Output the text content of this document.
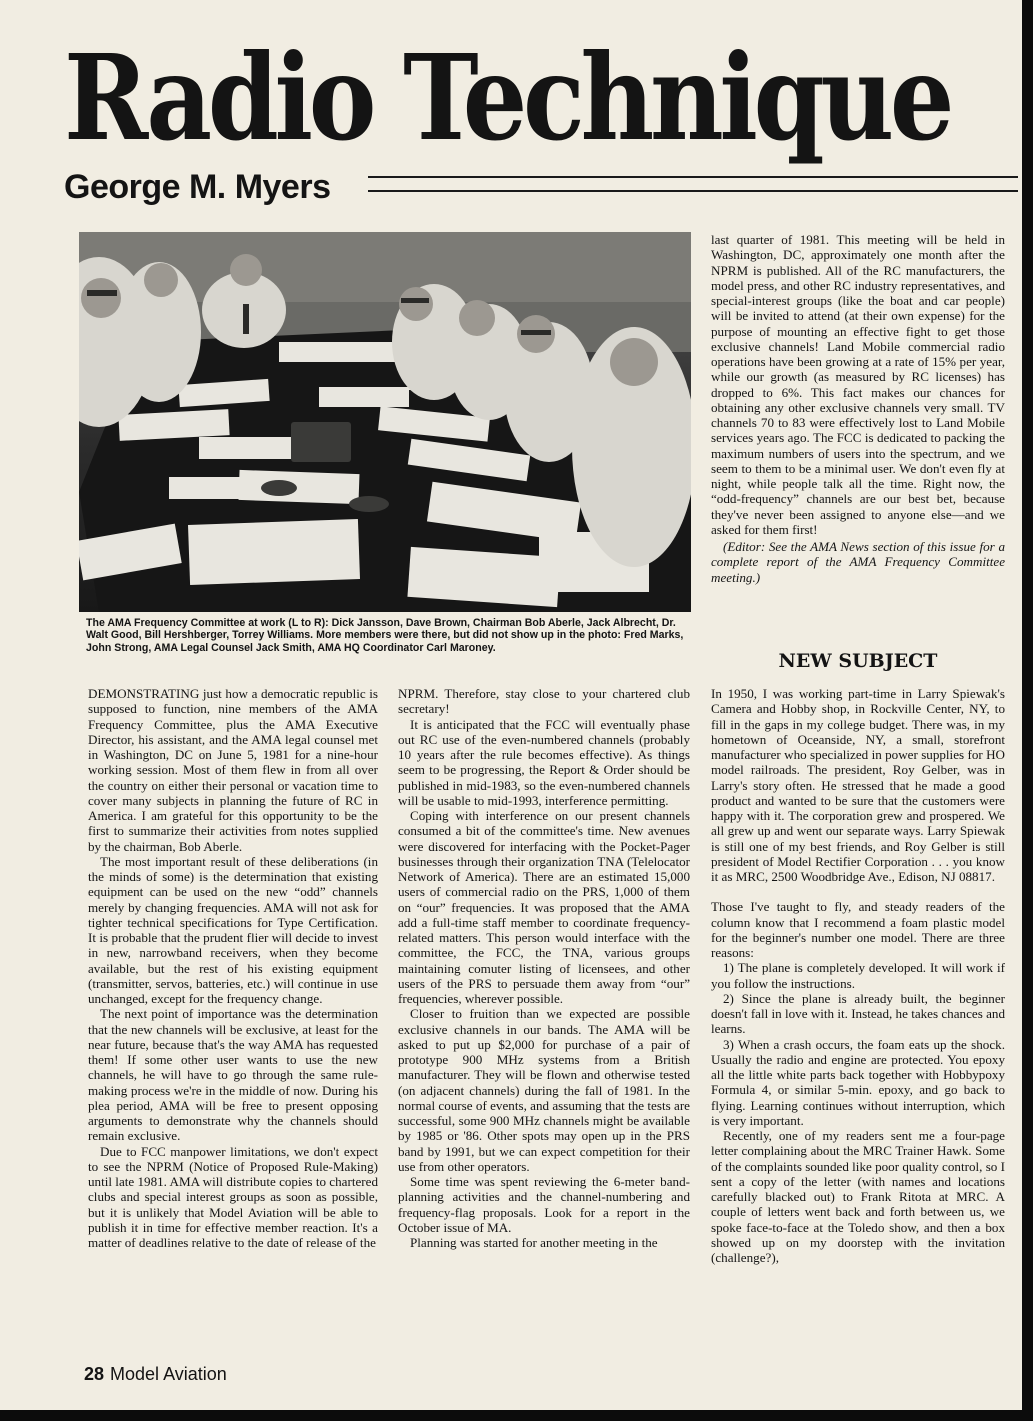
Radio Technique
George M. Myers
The AMA Frequency Committee at work (L to R): Dick Jansson, Dave Brown, Chairman Bob Aberle, Jack Albrecht, Dr. Walt Good, Bill Hershberger, Torrey Williams. More members were there, but did not show up in the photo: Fred Marks, John Strong, AMA Legal Counsel Jack Smith, AMA HQ Coordinator Carl Maroney.

DEMONSTRATING just how a democratic republic is supposed to function, nine members of the AMA Frequency Committee, plus the AMA Executive Director, his assistant, and the AMA legal counsel met in Washington, DC on June 5, 1981 for a nine-hour working session. Most of them flew in from all over the country on either their personal or vacation time to cover many subjects in planning the future of RC in America. I am grateful for this opportunity to be the first to summarize their activities from notes supplied by the chairman, Bob Aberle.

The most important result of these deliberations (in the minds of some) is the determination that existing equipment can be used on the new “odd” channels merely by changing frequencies. AMA will not ask for tighter technical specifications for Type Certification. It is probable that the prudent flier will decide to invest in new, narrowband receivers, when they become available, but the rest of his existing equipment (transmitter, servos, batteries, etc.) will continue in use unchanged, except for the frequency change.

The next point of importance was the determination that the new channels will be exclusive, at least for the near future, because that's the way AMA has requested them! If some other user wants to use the new channels, he will have to go through the same rule-making process we're in the middle of now. During his plea period, AMA will be free to present opposing arguments to demonstrate why the channels should remain exclusive.

Due to FCC manpower limitations, we don't expect to see the NPRM (Notice of Proposed Rule-Making) until late 1981. AMA will distribute copies to chartered clubs and special interest groups as soon as possible, but it is unlikely that Model Aviation will be able to publish it in time for effective member reaction. It's a matter of deadlines relative to the date of release of the

NPRM. Therefore, stay close to your chartered club secretary!

It is anticipated that the FCC will eventually phase out RC use of the even-numbered channels (probably 10 years after the rule becomes effective). As things seem to be progressing, the Report & Order should be published in mid-1983, so the even-numbered channels will be usable to mid-1993, interference permitting.

Coping with interference on our present channels consumed a bit of the committee's time. New avenues were discovered for interfacing with the Pocket-Pager businesses through their organization TNA (Telelocator Network of America). There are an estimated 15,000 users of commercial radio on the PRS, 1,000 of them on “our” frequencies. It was proposed that the AMA add a full-time staff member to coordinate frequency-related matters. This person would interface with the committee, the FCC, the TNA, various groups maintaining comuter listing of licensees, and other users of the PRS to persuade them away from “our” frequencies, wherever possible.

Closer to fruition than we expected are possible exclusive channels in our bands. The AMA will be asked to put up $2,000 for purchase of a pair of prototype 900 MHz systems from a British manufacturer. They will be flown and otherwise tested (on adjacent channels) during the fall of 1981. In the normal course of events, and assuming that the tests are successful, some 900 MHz channels might be available by 1985 or '86. Other spots may open up in the PRS band by 1991, but we can expect competition for their use from other operators.

Some time was spent reviewing the 6-meter band-planning activities and the channel-numbering and frequency-flag proposals. Look for a report in the October issue of MA.

Planning was started for another meeting in the

last quarter of 1981. This meeting will be held in Washington, DC, approximately one month after the NPRM is published. All of the RC manufacturers, the model press, and other RC industry representatives, and special-interest groups (like the boat and car people) will be invited to attend (at their own expense) for the purpose of mounting an effective fight to get those exclusive channels! Land Mobile commercial radio operations have been growing at a rate of 15% per year, while our growth (as measured by RC licenses) has dropped to 6%. This fact makes our chances for obtaining any other exclusive channels very small. TV channels 70 to 83 were effectively lost to Land Mobile services years ago. The FCC is dedicated to packing the maximum numbers of users into the spectrum, and we seem to them to be a minimal user. We don't even fly at night, while people talk all the time. Right now, the “odd-frequency” channels are our best bet, because they've never been assigned to anyone else—and we asked for them first!

(Editor: See the AMA News section of this issue for a complete report of the AMA Frequency Committee meeting.)

NEW SUBJECT

In 1950, I was working part-time in Larry Spiewak's Camera and Hobby shop, in Rockville Center, NY, to fill in the gaps in my college budget. There was, in my hometown of Oceanside, NY, a small, storefront manufacturer who specialized in power supplies for HO model railroads. The president, Roy Gelber, was in Larry's story often. He stressed that he made a good product and wanted to be sure that the customers were happy with it. The corporation grew and prospered. We all grew up and went our separate ways. Larry Spiewak is still one of my best friends, and Roy Gelber is still president of Model Rectifier Corporation . . . you know it as MRC, 2500 Woodbridge Ave., Edison, NJ 08817.

Those I've taught to fly, and steady readers of the column know that I recommend a foam plastic model for the beginner's number one model. There are three reasons:

1) The plane is completely developed. It will work if you follow the instructions.

2) Since the plane is already built, the beginner doesn't fall in love with it. Instead, he takes chances and learns.

3) When a crash occurs, the foam eats up the shock. Usually the radio and engine are protected. You epoxy all the little white parts back together with Hobbypoxy Formula 4, or similar 5-min. epoxy, and go back to flying. Learning continues without interruption, which is very important.

Recently, one of my readers sent me a four-page letter complaining about the MRC Trainer Hawk. Some of the complaints sounded like poor quality control, so I sent a copy of the letter (with names and locations carefully blacked out) to Frank Ritota at MRC. A couple of letters went back and forth between us, we spoke face-to-face at the Toledo show, and then a box showed up on my doorstep with the invitation (challenge?),

28 Model Aviation
